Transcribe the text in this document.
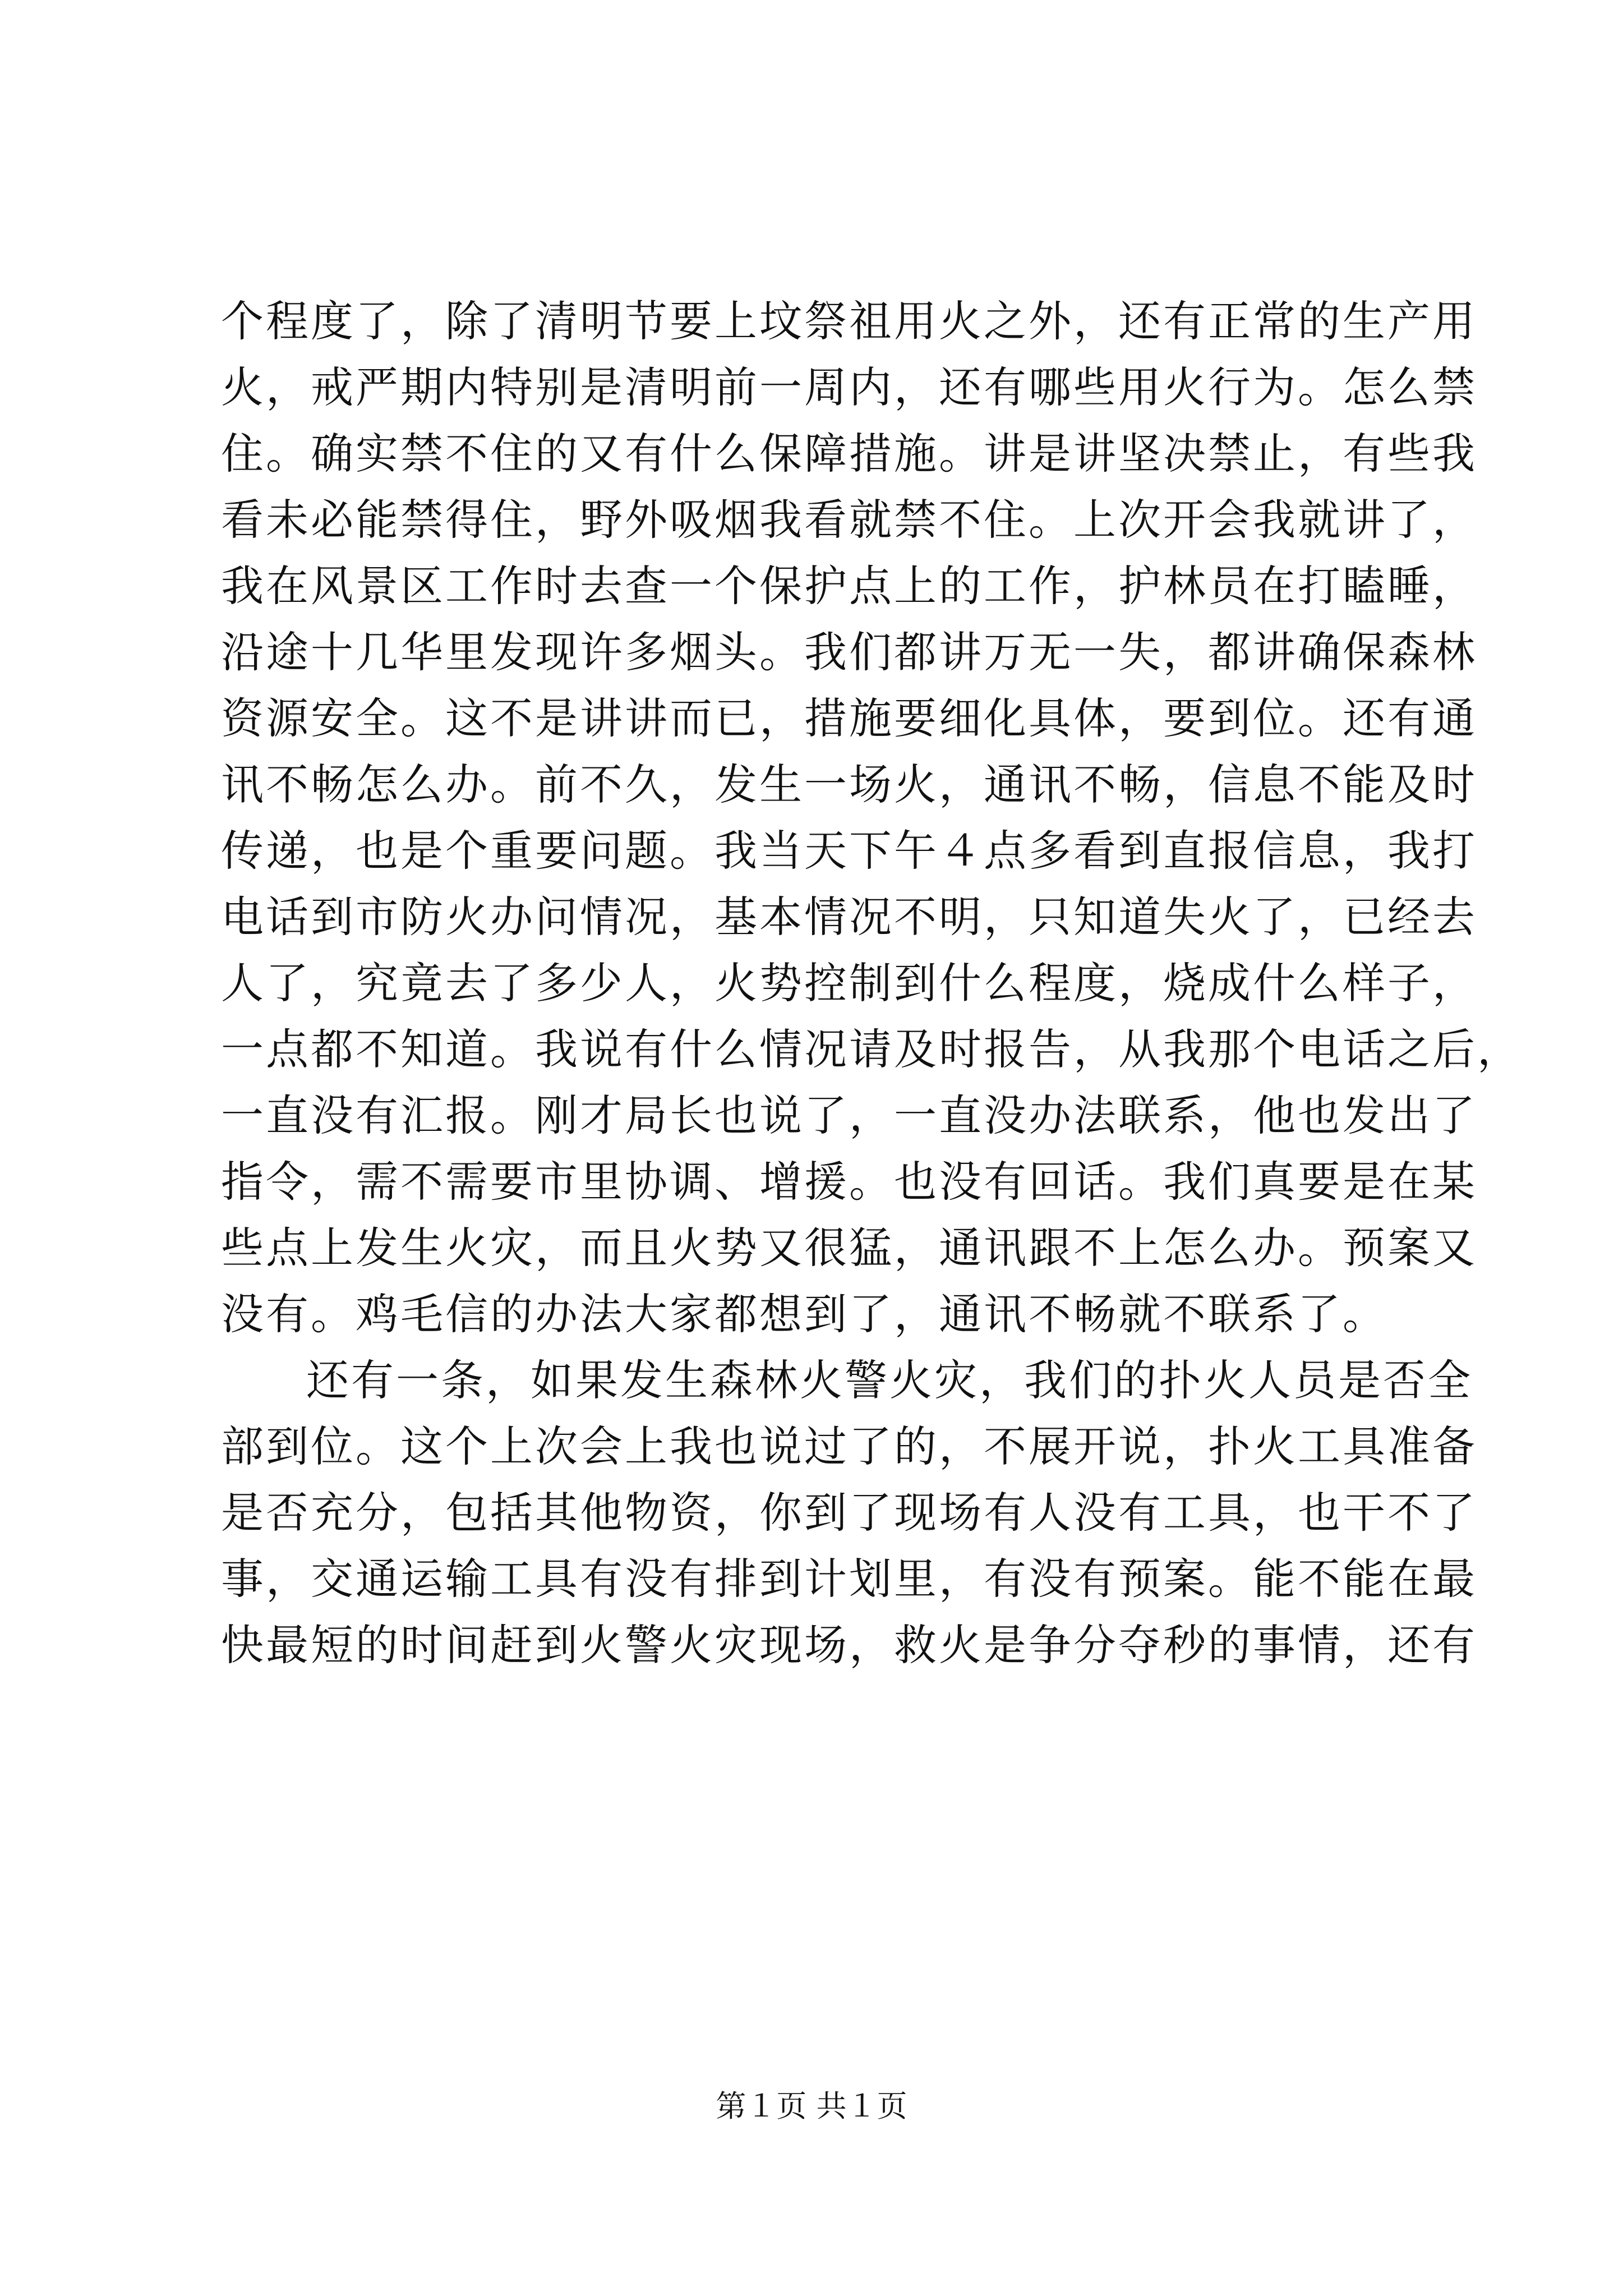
个程度了，除了清明节要上坟祭祖用火之外，还有正常的生产用
火，戒严期内特别是清明前一周内，还有哪些用火行为。怎么禁
住。确实禁不住的又有什么保障措施。讲是讲坚决禁止，有些我
看未必能禁得住，野外吸烟我看就禁不住。上次开会我就讲了，
我在风景区工作时去查一个保护点上的工作，护林员在打瞌睡，
沿途十几华里发现许多烟头。我们都讲万无一失，都讲确保森林
资源安全。这不是讲讲而已，措施要细化具体，要到位。还有通
讯不畅怎么办。前不久，发生一场火，通讯不畅，信息不能及时
传递，也是个重要问题。我当天下午４点多看到直报信息，我打
电话到市防火办问情况，基本情况不明，只知道失火了，已经去
人了，究竟去了多少人，火势控制到什么程度，烧成什么样子，
一点都不知道。我说有什么情况请及时报告，从我那个电话之后，
一直没有汇报。刚才局长也说了，一直没办法联系，他也发出了
指令，需不需要市里协调、增援。也没有回话。我们真要是在某
些点上发生火灾，而且火势又很猛，通讯跟不上怎么办。预案又
没有。鸡毛信的办法大家都想到了，通讯不畅就不联系了。
还有一条，如果发生森林火警火灾，我们的扑火人员是否全
部到位。这个上次会上我也说过了的，不展开说，扑火工具准备
是否充分，包括其他物资，你到了现场有人没有工具，也干不了
事，交通运输工具有没有排到计划里，有没有预案。能不能在最
快最短的时间赶到火警火灾现场，救火是争分夺秒的事情，还有
第１页 共１页
